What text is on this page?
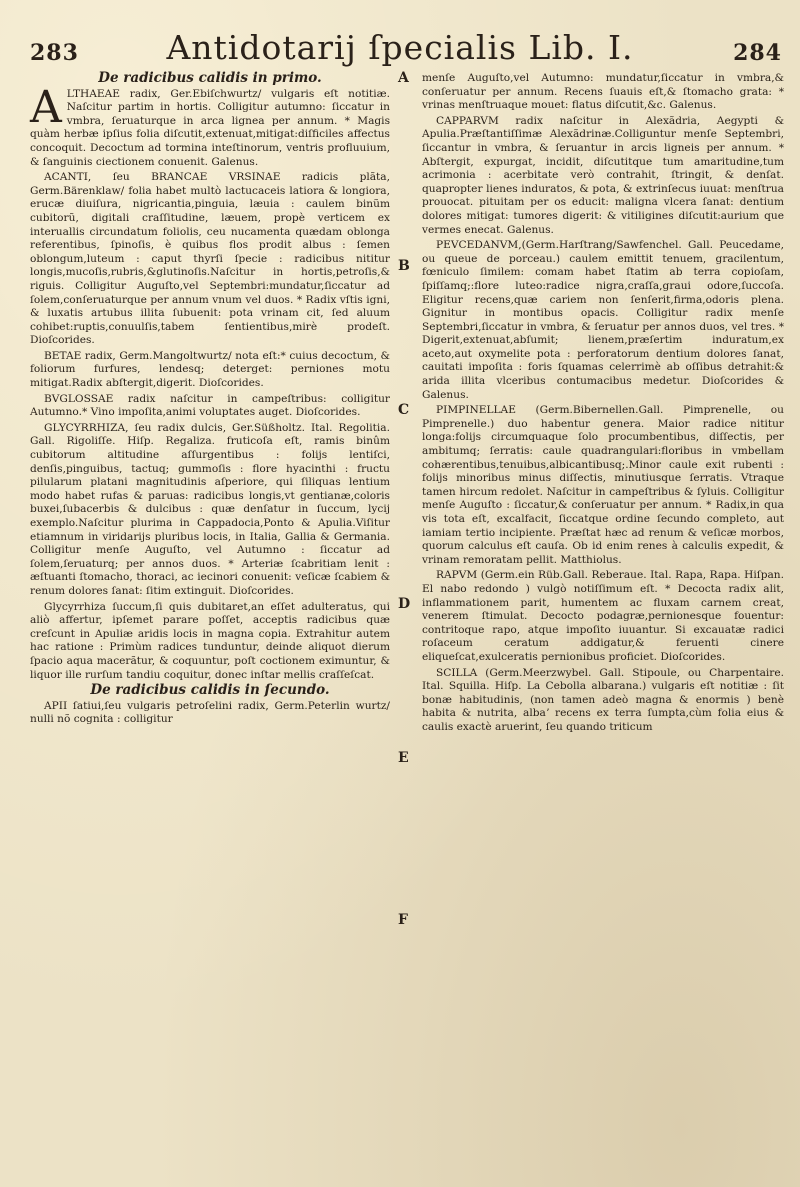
283	Antidotarij ſpecialis Lib. I.	284
A
B
C
D
E
F

De radicibus calidis in primo.

ALTHAEAE radix, Ger.Ebiſchwurtz/ vulgaris eſt notitiæ. Naſcitur partim in hortis. Colligitur autumno: ſiccatur in vmbra, ſeruaturque in arca lignea per annum. * Magis quàm herbæ ipſius folia diſcutit,extenuat,mitigat:diſficiles affectus concoquit. Decoctum ad tormina inteſtinorum, ventris profluuium, & ſanguinis ciectionem conuenit. Galenus.

ACANTI, ſeu BRANCAE VRSINAE radicis plãta, Germ.Bärenklaw/ folia habet multò lactucaceis latiora & longiora, erucæ diuiſura, nigricantia,pinguia, læuia : caulem binũm cubitorũ, digitali craſſitudine, læuem, propè verticem ex interuallis circundatum foliolis, ceu nucamenta quædam oblonga referentibus, ſpinoſis, è quibus flos prodit albus : ſemen oblongum,luteum : caput thyrſi ſpecie : radicibus nititur longis,mucoſis,rubris,&glutinoſis.Naſcitur in hortis,petroſis,& riguis. Colligitur Auguſto,vel Septembri:mundatur,ſiccatur ad ſolem,conſeruaturque per annum vnum vel duos. * Radix vſtis igni, & luxatis artubus illita ſubuenit: pota vrinam cit, ſed aluum cohibet:ruptis,conuulſis,tabem ſentientibus,mirè prodeſt. Dioſcorides.

BETAE radix, Germ.Mangoltwurtz/ nota eſt:* cuius decoctum, & foliorum furfures, lendesq; deterget: perniones motu mitigat.Radix abſtergit,digerit. Dioſcorides.

BVGLOSSAE radix naſcitur in campeſtribus: colligitur Autumno.* Vino impoſita,animi voluptates auget. Dioſcorides.

GLYCYRRHIZA, ſeu radix dulcis, Ger.Süßholtz. Ital. Regolitia. Gall. Rigoliſſe. Hiſp. Regaliza. fruticoſa eſt, ramis binûm cubitorum altitudine aſſurgentibus : folijs lentiſci, denſis,pinguibus, tactuq; gummoſis : flore hyacinthi : fructu pilularum platani magnitudinis aſperiore, qui ſiliquas lentium modo habet rufas & paruas: radicibus longis,vt gentianæ,coloris buxei,ſubacerbis & dulcibus : quæ denſatur in ſuccum, lycij exemplo.Naſcitur plurima in Cappadocia,Ponto & Apulia.Viſitur etiamnum in viridarijs pluribus locis, in Italia, Gallia & Germania. Colligitur menſe Auguſto, vel Autumno : ſiccatur ad ſolem,ſeruaturq; per annos duos. * Arteriæ ſcabritiam lenit : æſtuanti ſtomacho, thoraci, ac iecinori conuenit: veſicæ ſcabiem & renum dolores ſanat: ſitim extinguit. Dioſcorides.

Glycyrrhiza ſuccum,ſi quis dubitaret,an eſſet adulteratus, qui aliò affertur, ipſemet parare poſſet, acceptis radicibus quæ creſcunt in Apuliæ aridis locis in magna copia. Extrahitur autem hac ratione : Primùm radices tunduntur, deinde aliquot dierum ſpacio aqua macerãtur, & coquuntur, poſt coctionem eximuntur, & liquor ille rurſum tandiu coquitur, donec inſtar mellis craſſeſcat.

De radicibus calidis in ſecundo.

APII ſatiui,ſeu vulgaris petroſelini radix, Germ.Peterlin wurtz/ nulli nõ cognita : colligitur

menſe Auguſto,vel Autumno: mundatur,ſiccatur in vmbra,& conſeruatur per annum. Recens ſuauis eſt,& ſtomacho grata: * vrinas menſtruaque mouet: flatus diſcutit,&c. Galenus.

CAPPARVM radix naſcitur in Alexãdria, Aegypti & Apulia.Præſtantiſſimæ Alexãdrinæ.Colliguntur menſe Septembri, ſiccantur in vmbra, & ſeruantur in arcis ligneis per annum. * Abſtergit, expurgat, incidit, diſcutitque tum amaritudine,tum acrimonia : acerbitate verò contrahit, ſtringit, & denſat. quapropter lienes induratos, & pota, & extrinſecus iuuat: menſtrua prouocat. pituitam per os educit: maligna vlcera ſanat: dentium dolores mitigat: tumores digerit: & vitiligines diſcutit:aurium que vermes enecat. Galenus.

PEVCEDANVM,(Germ.Harſtrang/Sawfenchel. Gall. Peucedame, ou queue de porceau.) caulem emittit tenuem, gracilentum, fœniculo ſimilem: comam habet ſtatim ab terra copioſam, ſpiſſamq;:flore luteo:radice nigra,craſſa,graui odore,ſuccoſa. Eligitur recens,quæ cariem non ſenſerit,firma,odoris plena. Gignitur in montibus opacis. Colligitur radix menſe Septembri,ſiccatur in vmbra, & ſeruatur per annos duos, vel tres. * Digerit,extenuat,abſumit; lienem,præſertim induratum,ex aceto,aut oxymelite pota : perforatorum dentium dolores ſanat, cauitati impoſita : foris ſquamas celerrimè ab oſſibus detrahit:& arida illita vlceribus contumacibus medetur. Dioſcorides & Galenus.

PIMPINELLAE (Germ.Bibernellen.Gall. Pimprenelle, ou Pimprenelle.) duo habentur genera. Maior radice nititur longa:folijs circumquaque ſolo procumbentibus, diſſectis, per ambitumq; ſerratis: caule quadrangulari:floribus in vmbellam cohærentibus,tenuibus,albicantibusq;.Minor caule exit rubenti : folijs minoribus minus diſſectis, minutiusque ſerratis. Vtraque tamen hircum redolet. Naſcitur in campeſtribus & ſyluis. Colligitur menſe Auguſto : ſiccatur,& conſeruatur per annum. * Radix,in qua vis tota eſt, excalfacit, ſiccatque ordine ſecundo completo, aut iamiam tertio incipiente. Præſtat hæc ad renum & veſicæ morbos, quorum calculus eſt cauſa. Ob id enim renes à calculis expedit, & vrinam remoratam pellit. Matthiolus.

RAPVM (Germ.ein Rüb.Gall. Reberaue. Ital. Rapa, Rapa. Hiſpan. El nabo redondo ) vulgò notiſſimum eſt. * Decocta radix alit, inflammationem parit, humentem ac fluxam carnem creat, venerem ſtimulat. Decocto podagræ,pernionesque fouentur: contritoque rapo, atque impoſito iuuantur. Si excauatæ radici roſaceum ceratum addigatur,& feruenti cinere eliqueſcat,exulceratis pernionibus proficiet. Dioſcorides.

SCILLA (Germ.Meerzwybel. Gall. Stipoule, ou Charpentaire. Ital. Squilla. Hiſp. La Cebolla albarana.) vulgaris eſt notitiæ : ſit bonæ habitudinis, (non tamen adeò magna & enormis ) benè habita & nutrita, albaʼ recens ex terra ſumpta,cùm folia eius & caulis exactè aruerint, ſeu quando triticum
